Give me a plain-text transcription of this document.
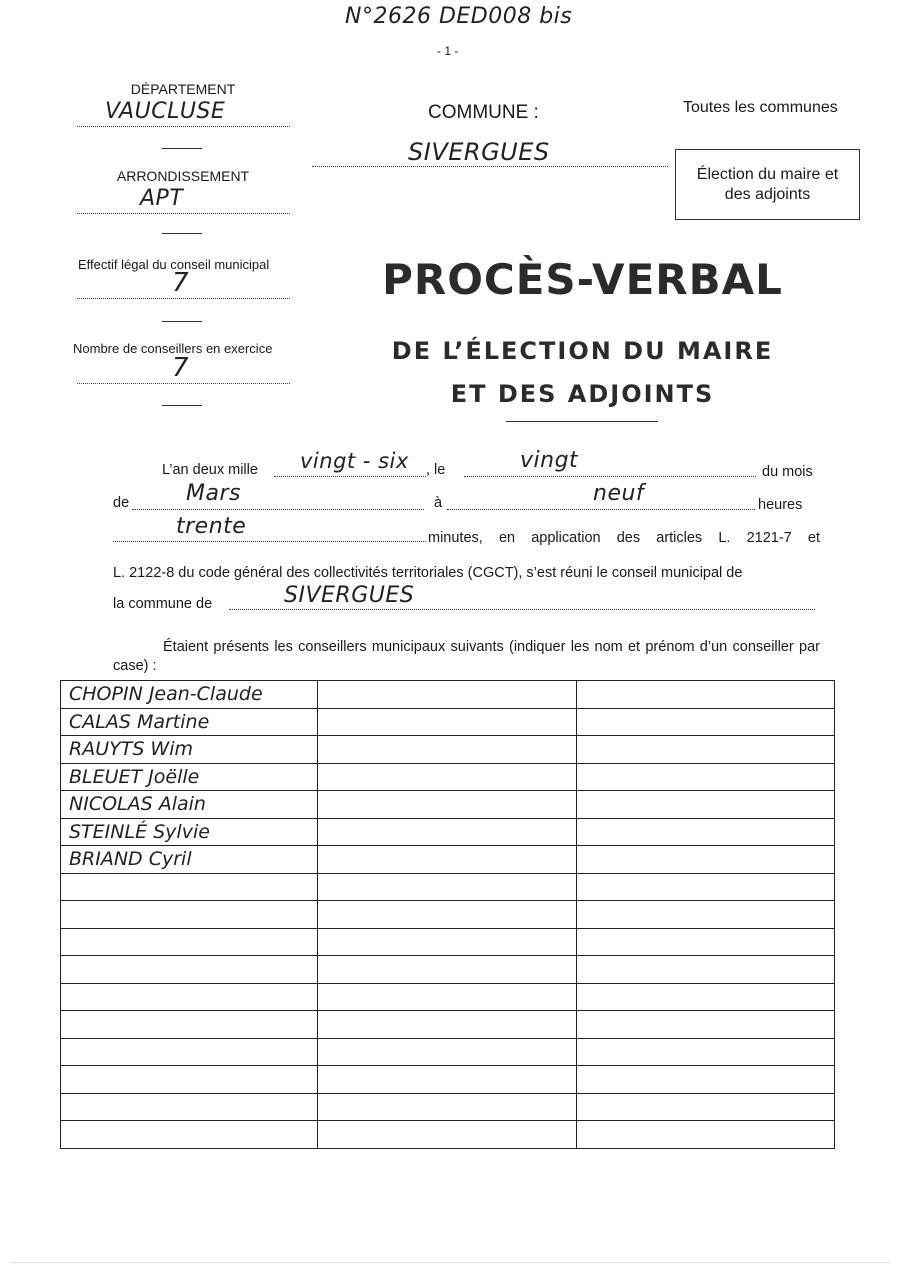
N°2626 DED008 bis
- 1 -
DÉPARTEMENT
VAUCLUSE
ARRONDISSEMENT
APT
Effectif légal du conseil municipal
7
Nombre de conseillers en exercice
7
COMMUNE :
SIVERGUES
Toutes les communes
Élection du maire et des adjoints
PROCÈS-VERBAL
DE L’ÉLECTION DU MAIRE
ET DES ADJOINTS
L’an deux mille vingt - six , le	vingt	du mois
de	Mars	à	neuf	heures
trente	minutes, en application des articles L. 2121-7 et
L. 2122-8 du code général des collectivités territoriales (CGCT), s’est réuni le conseil municipal de
la commune de	SIVERGUES
Étaient présents les conseillers municipaux suivants (indiquer les nom et prénom d’un conseiller par case) :
CHOPIN Jean-Claude		
CALAS Martine		
RAUYTS Wim		
BLEUET Joëlle		
NICOLAS Alain		
STEINLÉ Sylvie		
BRIAND Cyril		
